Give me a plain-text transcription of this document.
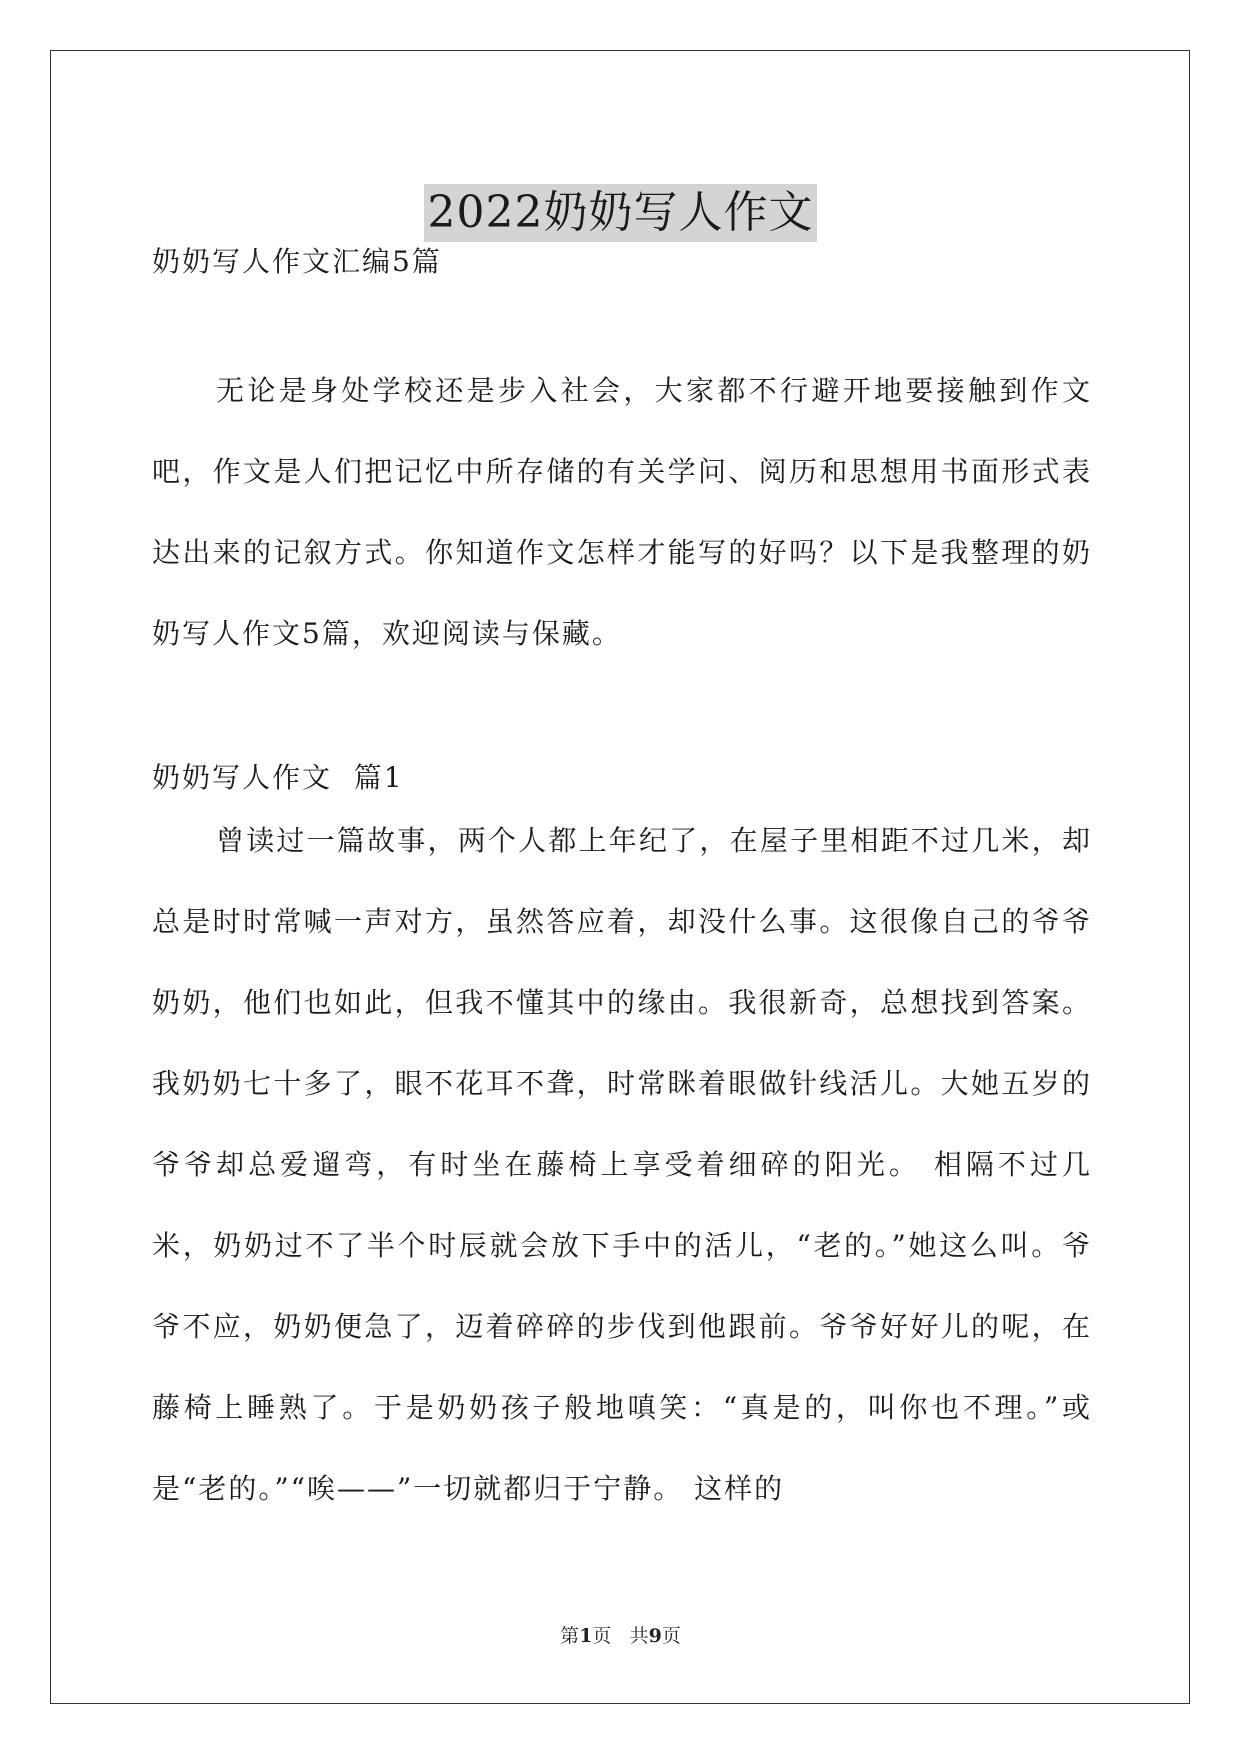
2022奶奶写人作文
奶奶写人作文汇编5篇

无论是身处学校还是步入社会，大家都不行避开地要接触到作文吧，作文是人们把记忆中所存储的有关学问、阅历和思想用书面形式表达出来的记叙方式。你知道作文怎样才能写的好吗？以下是我整理的奶奶写人作文5篇，欢迎阅读与保藏。

奶奶写人作文  篇1

曾读过一篇故事，两个人都上年纪了，在屋子里相距不过几米，却总是时时常喊一声对方，虽然答应着，却没什么事。这很像自己的爷爷奶奶，他们也如此，但我不懂其中的缘由。我很新奇，总想找到答案。 我奶奶七十多了，眼不花耳不聋，时常眯着眼做针线活儿。大她五岁的爷爷却总爱遛弯，有时坐在藤椅上享受着细碎的阳光。 相隔不过几米，奶奶过不了半个时辰就会放下手中的活儿，“老的。”她这么叫。爷爷不应，奶奶便急了，迈着碎碎的步伐到他跟前。爷爷好好儿的呢，在藤椅上睡熟了。于是奶奶孩子般地嗔笑：“真是的，叫你也不理。”或是“老的。”“唉——”一切就都归于宁静。 这样的

第1页 共9页
